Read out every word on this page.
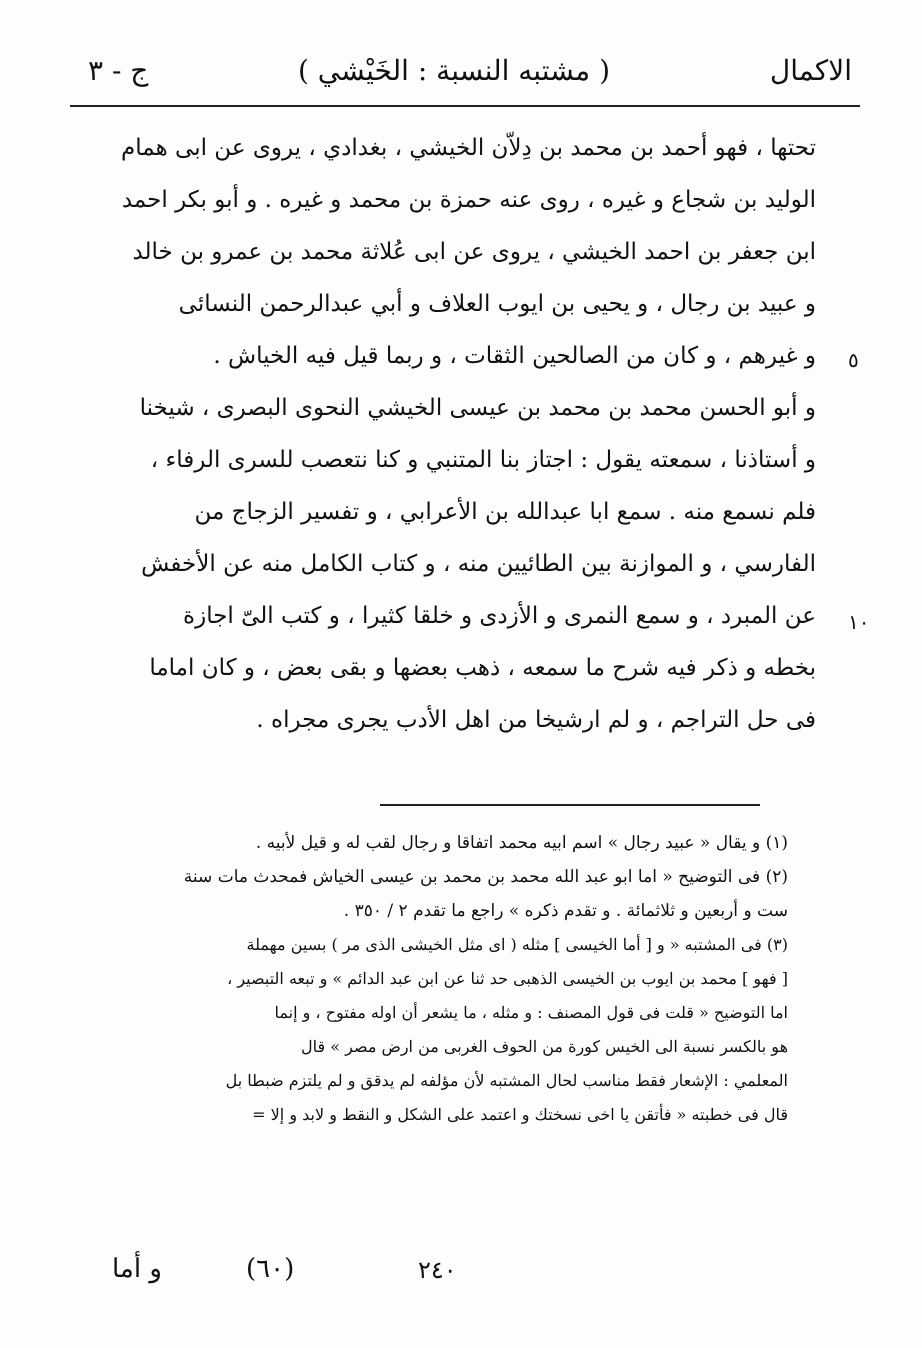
ج - ٣	( مشتبه النسبة : الخَيْشي )	الاكمال
تحتها ، فهو أحمد بن محمد بن دِلاّن الخيشي ، بغدادي ، يروى عن ابى همام
الوليد بن شجاع و غيره ، روى عنه حمزة بن محمد و غيره . و أبو بكر احمد
ابن جعفر بن احمد الخيشي ، يروى عن ابى عُلاثة محمد بن عمرو بن خالد
و عبيد بن رجال ، و يحيى بن ايوب العلاف و أبي عبدالرحمن النسائى
و غيرهم ، و كان من الصالحين الثقات ، و ربما قيل فيه الخياش .
و أبو الحسن محمد بن محمد بن عيسى الخيشي النحوى البصرى ، شيخنا
و أستاذنا ، سمعته يقول : اجتاز بنا المتنبي و كنا نتعصب للسرى الرفاء ،
فلم نسمع منه . سمع ابا عبدالله بن الأعرابي ، و تفسير الزجاج من
الفارسي ، و الموازنة بين الطائيين منه ، و كتاب الكامل منه عن الأخفش
عن المبرد ، و سمع النمرى و الأزدى و خلقا كثيرا ، و كتب الىّ اجازة
بخطه و ذكر فيه شرح ما سمعه ، ذهب بعضها و بقى بعض ، و كان اماما
فى حل التراجم ، و لم ارشيخا من اهل الأدب يجرى مجراه .
٥
١٠
(١) و يقال « عبيد رجال » اسم ابيه محمد اتفاقا و رجال لقب له و قيل لأبيه .
(٢) فى التوضيح « اما ابو عبد الله محمد بن محمد بن عيسى الخياش فمحدث مات سنة
ست و أربعين و ثلاثمائة . و تقدم ذكره » راجع ما تقدم ٢ / ٣٥٠ .
(٣) فى المشتبه « و [ أما الخيسى ] مثله ( اى مثل الخيشى الذى مر ) بسين مهملة
[ فهو ] محمد بن ايوب بن الخيسى الذهبى حد ثنا عن ابن عبد الدائم » و تبعه التبصير ،
اما التوضيح « قلت فى قول المصنف : و مثله ، ما يشعر أن اوله مفتوح ، و إنما
هو بالكسر نسبة الى الخيس كورة من الحوف الغربى من ارض مصر » قال
المعلمي : الإشعار فقط مناسب لحال المشتبه لأن مؤلفه لم يدقق و لم يلتزم ضبطا بل
قال فى خطبته « فأتقن يا اخى نسختك و اعتمد على الشكل و النقط و لابد و إلا =
و أما	(٦٠)	٢٤٠
